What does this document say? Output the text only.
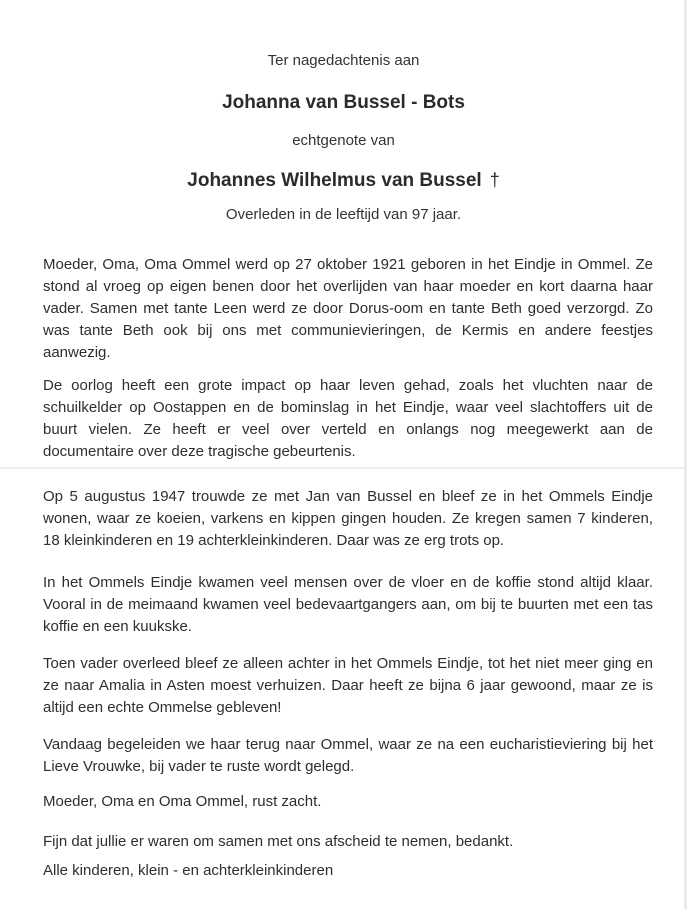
Ter nagedachtenis aan
Johanna van Bussel - Bots
echtgenote van
Johannes Wilhelmus van Bussel †
Overleden in de leeftijd van 97 jaar.
Moeder, Oma, Oma Ommel werd op 27 oktober 1921 geboren in het Eindje in Ommel. Ze stond al vroeg op eigen benen door het overlijden van haar moeder en kort daarna haar vader. Samen met tante Leen werd ze door Dorus-oom en tante Beth goed verzorgd. Zo was tante Beth ook bij ons met communievieringen, de Kermis en andere feestjes aanwezig.
De oorlog heeft een grote impact op haar leven gehad, zoals het vluchten naar de schuilkelder op Oostappen en de bominslag in het Eindje, waar veel slachtoffers uit de buurt vielen. Ze heeft er veel over verteld en onlangs nog meegewerkt aan de documentaire over deze tragische gebeurtenis.
Op 5 augustus 1947 trouwde ze met Jan van Bussel en bleef ze in het Ommels Eindje wonen, waar ze koeien, varkens en kippen gingen houden. Ze kregen samen 7 kinderen, 18 kleinkinderen en 19 achterkleinkinderen. Daar was ze erg trots op.
In het Ommels Eindje kwamen veel mensen over de vloer en de koffie stond altijd klaar. Vooral in de meimaand kwamen veel bedevaartgangers aan, om bij te buurten met een tas koffie en een kuukske.
Toen vader overleed bleef ze alleen achter in het Ommels Eindje, tot het niet meer ging en ze naar Amalia in Asten moest verhuizen. Daar heeft ze bijna 6 jaar gewoond, maar ze is altijd een echte Ommelse gebleven!
Vandaag begeleiden we haar terug naar Ommel, waar ze na een eucharistieviering bij het Lieve Vrouwke, bij vader te ruste wordt gelegd.
Moeder, Oma en Oma Ommel, rust zacht.
Fijn dat jullie er waren om samen met ons afscheid te nemen, bedankt.
Alle kinderen, klein - en achterkleinkinderen
